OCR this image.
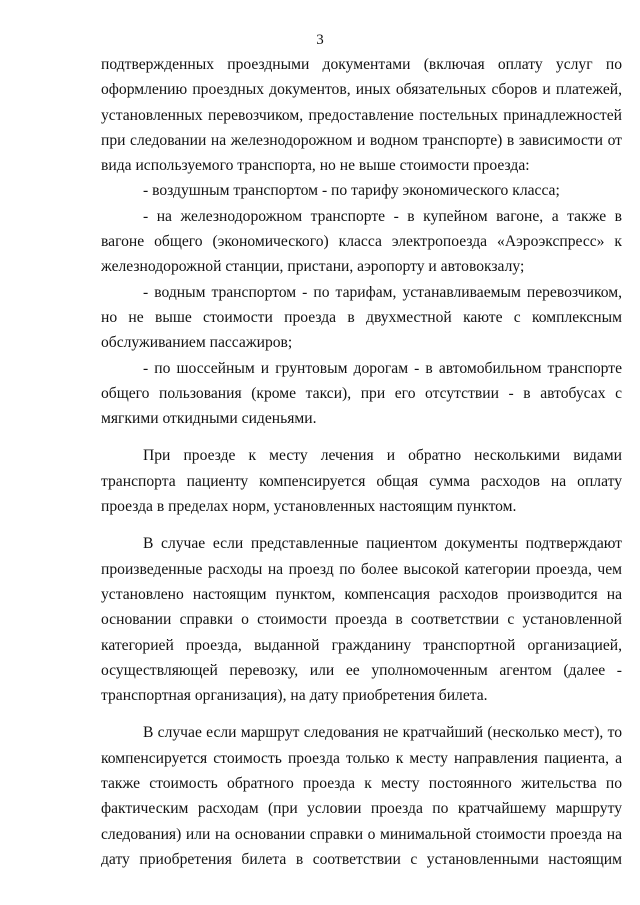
3
подтвержденных проездными документами (включая оплату услуг по
оформлению проездных документов, иных обязательных сборов и платежей,
установленных перевозчиком, предоставление постельных принадлежностей
при следовании на железнодорожном и водном транспорте) в зависимости от
вида используемого транспорта, но не выше стоимости проезда:
- воздушным транспортом - по тарифу экономического класса;
- на железнодорожном транспорте - в купейном вагоне, а также в
вагоне общего (экономического) класса электропоезда «Аэроэкспресс» к
железнодорожной станции, пристани, аэропорту и автовокзалу;
- водным транспортом - по тарифам, устанавливаемым перевозчиком,
но не выше стоимости проезда в двухместной каюте с комплексным
обслуживанием пассажиров;
- по шоссейным и грунтовым дорогам - в автомобильном транспорте
общего пользования (кроме такси), при его отсутствии - в автобусах с
мягкими откидными сиденьями.
При проезде к месту лечения и обратно несколькими видами
транспорта пациенту компенсируется общая сумма расходов на оплату
проезда в пределах норм, установленных настоящим пунктом.
В случае если представленные пациентом документы подтверждают
произведенные расходы на проезд по более высокой категории проезда, чем
установлено настоящим пунктом, компенсация расходов производится на
основании справки о стоимости проезда в соответствии с установленной
категорией проезда, выданной гражданину транспортной организацией,
осуществляющей перевозку, или ее уполномоченным агентом (далее -
транспортная организация), на дату приобретения билета.
В случае если маршрут следования не кратчайший (несколько мест), то
компенсируется стоимость проезда только к месту направления пациента, а
также стоимость обратного проезда к месту постоянного жительства по
фактическим расходам (при условии проезда по кратчайшему маршруту
следования) или на основании справки о минимальной стоимости проезда на
дату приобретения билета в соответствии с установленными настоящим
